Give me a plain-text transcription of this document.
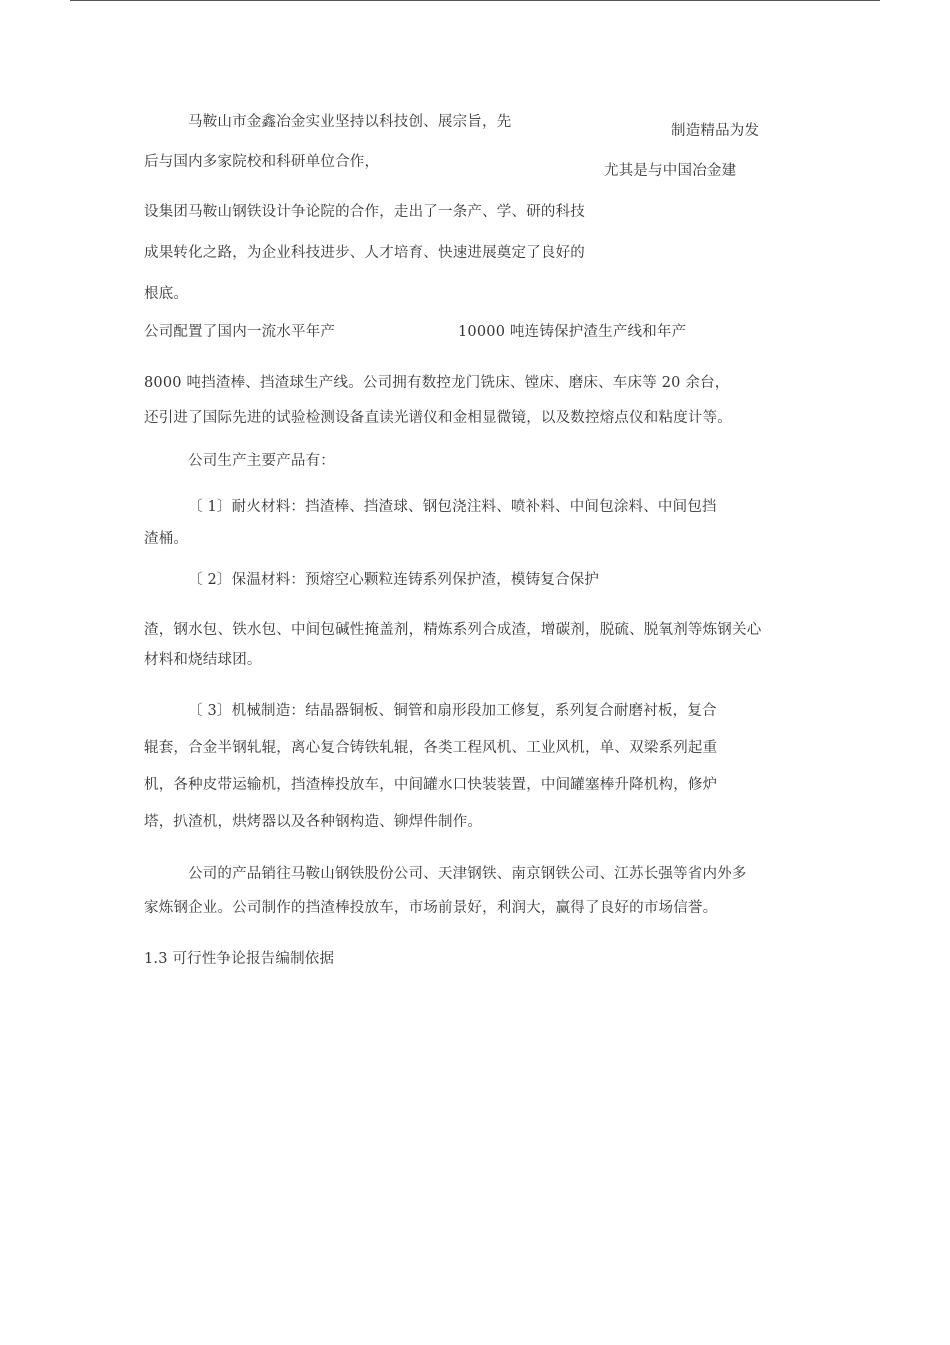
马鞍山市金鑫冶金实业坚持以科技创、展宗旨，先
制造精品为发
后与国内多家院校和科研单位合作，
尤其是与中国冶金建
设集团马鞍山钢铁设计争论院的合作，走出了一条产、学、研的科技
成果转化之路，为企业科技进步、人才培育、快速进展奠定了良好的
根底。
公司配置了国内一流水平年产	10000 吨连铸保护渣生产线和年产
8000 吨挡渣棒、挡渣球生产线。公司拥有数控龙门铣床、镗床、磨床、车床等 20 余台，
还引进了国际先进的试验检测设备直读光谱仪和金相显微镜，以及数控熔点仪和粘度计等。
公司生产主要产品有：
〔 1〕耐火材料：挡渣棒、挡渣球、钢包浇注料、喷补料、中间包涂料、中间包挡
渣桶。
〔 2〕保温材料：预熔空心颗粒连铸系列保护渣，模铸复合保护
渣，钢水包、铁水包、中间包碱性掩盖剂，精炼系列合成渣，增碳剂，脱硫、脱氧剂等炼钢关心
材料和烧结球团。
〔 3〕机械制造：结晶器铜板、铜管和扇形段加工修复，系列复合耐磨衬板，复合
辊套，合金半钢轧辊，离心复合铸铁轧辊，各类工程风机、工业风机，单、双梁系列起重
机，各种皮带运输机，挡渣棒投放车，中间罐水口快装装置，中间罐塞棒升降机构，修炉
塔，扒渣机，烘烤器以及各种钢构造、铆焊件制作。
公司的产品销往马鞍山钢铁股份公司、天津钢铁、南京钢铁公司、江苏长强等省内外多
家炼钢企业。公司制作的挡渣棒投放车，市场前景好，利润大，赢得了良好的市场信誉。
1.3 可行性争论报告编制依据
